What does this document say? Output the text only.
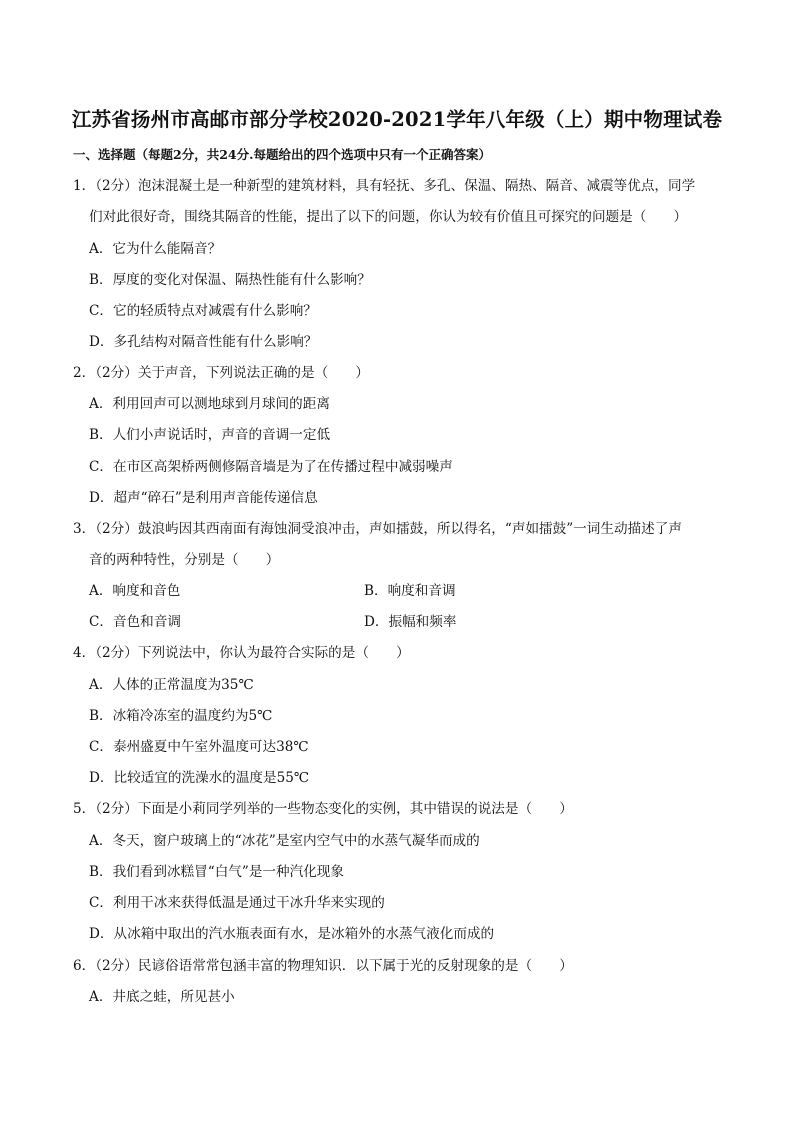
江苏省扬州市高邮市部分学校2020-2021学年八年级（上）期中物理试卷
一、选择题（每题2分，共24分.每题给出的四个选项中只有一个正确答案）
1．（2分）泡沫混凝土是一种新型的建筑材料，具有轻抚、多孔、保温、隔热、隔音、减震等优点，同学
们对此很好奇，围绕其隔音的性能，提出了以下的问题，你认为较有价值且可探究的问题是（　　）
A．它为什么能隔音？
B．厚度的变化对保温、隔热性能有什么影响？
C．它的轻质特点对减震有什么影响？
D．多孔结构对隔音性能有什么影响？
2．（2分）关于声音，下列说法正确的是（　　）
A．利用回声可以测地球到月球间的距离
B．人们小声说话时，声音的音调一定低
C．在市区高架桥两侧修隔音墙是为了在传播过程中减弱噪声
D．超声“碎石”是利用声音能传递信息
3．（2分）鼓浪屿因其西南面有海蚀洞受浪冲击，声如擂鼓，所以得名，“声如擂鼓”一词生动描述了声
音的两种特性，分别是（　　）
A．响度和音色	B．响度和音调
C．音色和音调	D．振幅和频率
4．（2分）下列说法中，你认为最符合实际的是（　　）
A．人体的正常温度为35℃
B．冰箱冷冻室的温度约为5℃
C．泰州盛夏中午室外温度可达38℃
D．比较适宜的洗澡水的温度是55℃
5．（2分）下面是小莉同学列举的一些物态变化的实例，其中错误的说法是（　　）
A．冬天，窗户玻璃上的“冰花”是室内空气中的水蒸气凝华而成的
B．我们看到冰糕冒“白气”是一种汽化现象
C．利用干冰来获得低温是通过干冰升华来实现的
D．从冰箱中取出的汽水瓶表面有水，是冰箱外的水蒸气液化而成的
6．（2分）民谚俗语常常包涵丰富的物理知识．以下属于光的反射现象的是（　　）
A．井底之蛙，所见甚小
